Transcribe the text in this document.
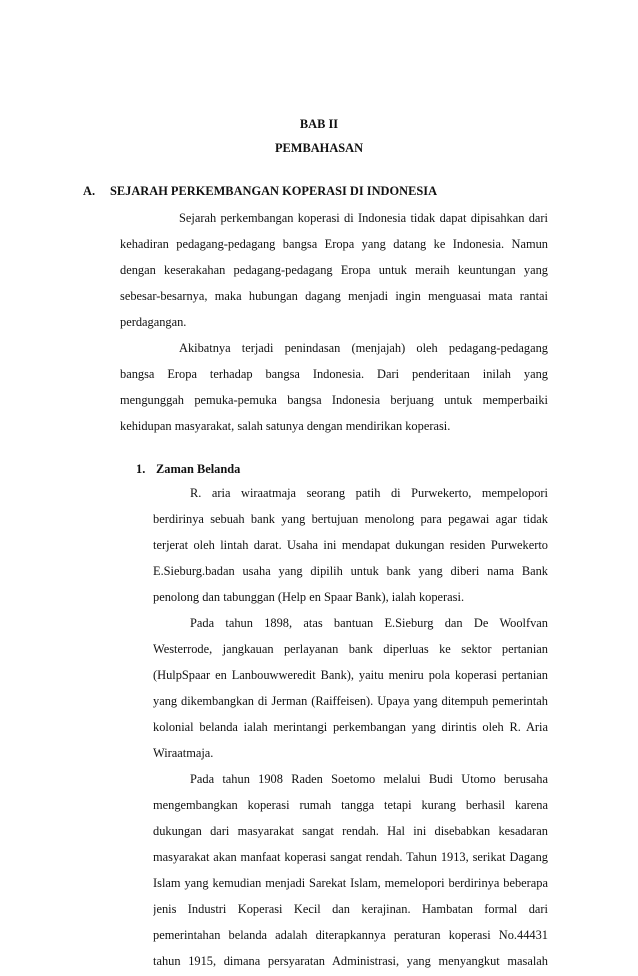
BAB II
PEMBAHASAN
A. SEJARAH PERKEMBANGAN KOPERASI DI INDONESIA
Sejarah perkembangan koperasi di Indonesia tidak dapat dipisahkan dari
kehadiran pedagang-pedagang bangsa Eropa yang datang ke Indonesia. Namun
dengan keserakahan pedagang-pedagang Eropa untuk meraih keuntungan yang
sebesar-besarnya, maka hubungan dagang menjadi ingin menguasai mata rantai
perdagangan.
Akibatnya terjadi penindasan (menjajah) oleh pedagang-pedagang
bangsa Eropa terhadap bangsa Indonesia. Dari penderitaan inilah yang
mengunggah pemuka-pemuka bangsa Indonesia berjuang untuk memperbaiki
kehidupan masyarakat, salah satunya dengan mendirikan koperasi.
1. Zaman Belanda
R. aria wiraatmaja seorang patih di Purwekerto, mempelopori
berdirinya sebuah bank yang bertujuan menolong para pegawai agar tidak
terjerat oleh lintah darat. Usaha ini mendapat dukungan residen Purwekerto
E.Sieburg.badan usaha yang dipilih untuk bank yang diberi nama Bank
penolong dan tabunggan (Help en Spaar Bank), ialah koperasi.
Pada tahun 1898, atas bantuan E.Sieburg dan De Woolfvan
Westerrode, jangkauan perlayanan bank diperluas ke sektor pertanian
(HulpSpaar en Lanbouwweredit Bank), yaitu meniru pola koperasi pertanian
yang dikembangkan di Jerman (Raiffeisen). Upaya yang ditempuh pemerintah
kolonial belanda ialah merintangi perkembangan yang dirintis oleh R. Aria
Wiraatmaja.
Pada tahun 1908 Raden Soetomo melalui Budi Utomo berusaha
mengembangkan koperasi rumah tangga tetapi kurang berhasil karena
dukungan dari masyarakat sangat rendah. Hal ini disebabkan kesadaran
masyarakat akan manfaat koperasi sangat rendah. Tahun 1913, serikat Dagang
Islam yang kemudian menjadi Sarekat Islam, memelopori berdirinya beberapa
jenis Industri Koperasi Kecil dan kerajinan. Hambatan formal dari
pemerintahan belanda adalah diterapkannya peraturan koperasi No.44431
tahun 1915, dimana persyaratan Administrasi, yang menyangkut masalah
